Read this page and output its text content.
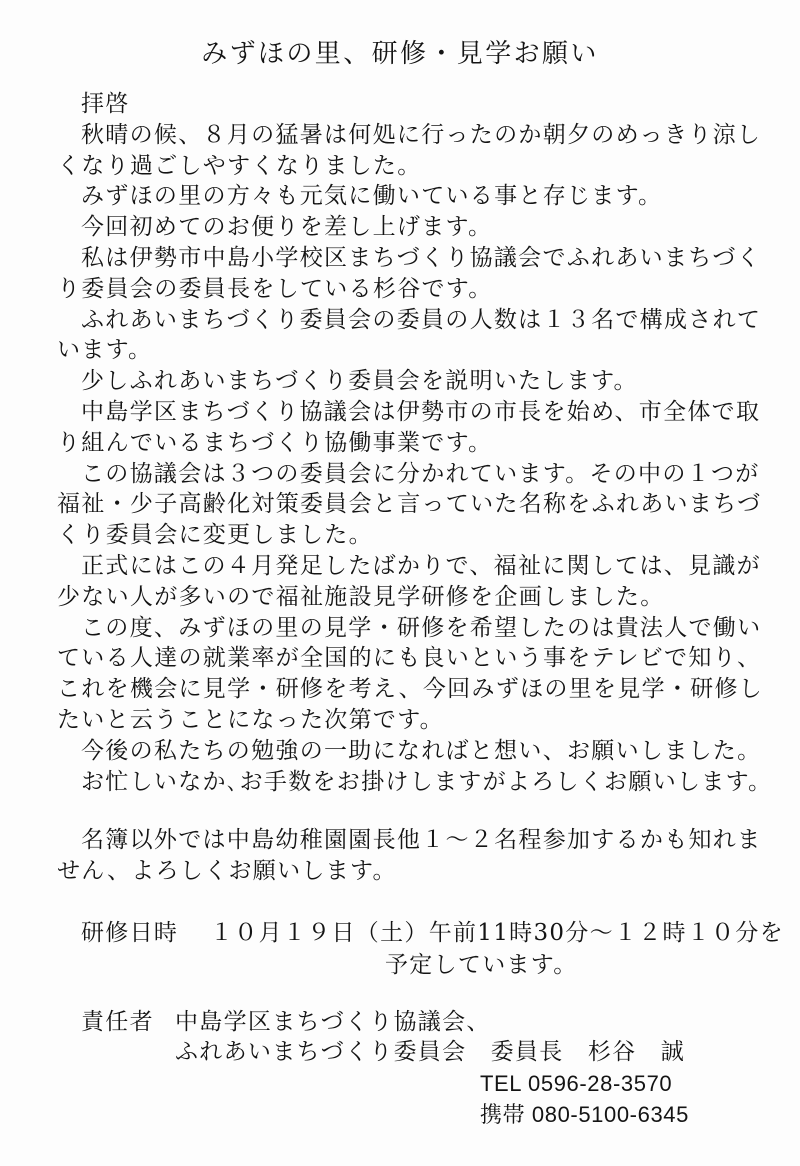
みずほの里、研修・見学お願い
拝啓
秋晴の候、８月の猛暑は何処に行ったのか朝夕のめっきり涼し
くなり過ごしやすくなりました。
みずほの里の方々も元気に働いている事と存じます。
今回初めてのお便りを差し上げます。
私は伊勢市中島小学校区まちづくり協議会でふれあいまちづく
り委員会の委員長をしている杉谷です。
ふれあいまちづくり委員会の委員の人数は１３名で構成されて
います。
少しふれあいまちづくり委員会を説明いたします。
中島学区まちづくり協議会は伊勢市の市長を始め、市全体で取
り組んでいるまちづくり協働事業です。
この協議会は３つの委員会に分かれています。その中の１つが
福祉・少子高齢化対策委員会と言っていた名称をふれあいまちづ
くり委員会に変更しました。
正式にはこの４月発足したばかりで、福祉に関しては、見識が
少ない人が多いので福祉施設見学研修を企画しました。
この度、みずほの里の見学・研修を希望したのは貴法人で働い
ている人達の就業率が全国的にも良いという事をテレビで知り、
これを機会に見学・研修を考え、今回みずほの里を見学・研修し
たいと云うことになった次第です。
今後の私たちの勉強の一助になればと想い、お願いしました。
お忙しいなか､お手数をお掛けしますがよろしくお願いします。
名簿以外では中島幼稚園園長他１～２名程参加するかも知れま
せん、よろしくお願いします。
研修日時 １０月１９日（土）午前11時30分～１２時１０分を
予定しています。
責任者 中島学区まちづくり協議会、
ふれあいまちづくり委員会　委員長　杉谷　誠
TEL 0596-28-3570
携帯 080-5100-6345
